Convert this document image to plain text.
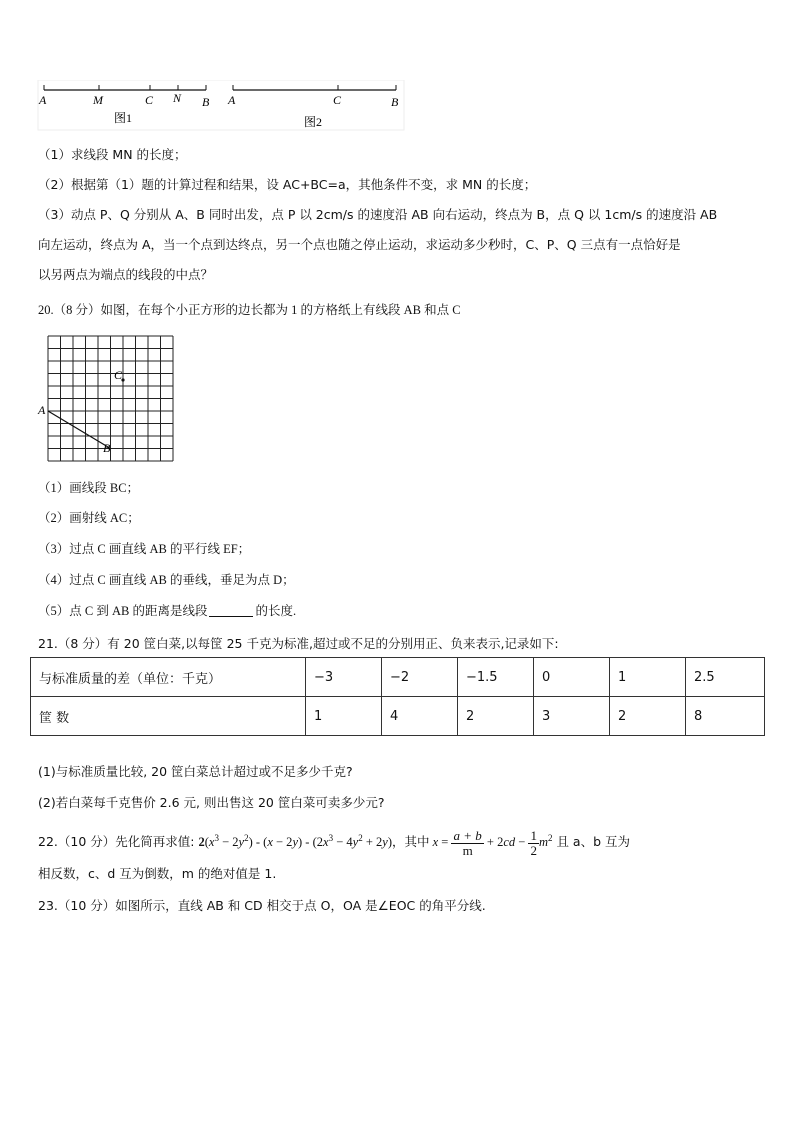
A	M	C N B
图1
A	C	B
图2
（1）求线段 MN 的长度；
（2）根据第（1）题的计算过程和结果，设 AC+BC=a，其他条件不变，求 MN 的长度；
（3）动点 P、Q 分别从 A、B 同时出发，点 P 以 2cm/s 的速度沿 AB 向右运动，终点为 B，点 Q 以 1cm/s 的速度沿 AB
向左运动，终点为 A，当一个点到达终点，另一个点也随之停止运动，求运动多少秒时，C、P、Q 三点有一点恰好是
以另两点为端点的线段的中点？
20.（8 分）如图，在每个小正方形的边长都为 1 的方格纸上有线段 AB 和点 C
C
A
B
（1）画线段 BC；
（2）画射线 AC；
（3）过点 C 画直线 AB 的平行线 EF；
（4）过点 C 画直线 AB 的垂线，垂足为点 D；
（5）点 C 到 AB 的距离是线段	的长度.
21.（8 分）有 20 筐白菜,以每筐 25 千克为标准,超过或不足的分别用正、负来表示,记录如下:
与标准质量的差（单位：千克）	−3	−2	−1.5	0	1	2.5
筐 数	1	4	2	3	2	8
(1)与标准质量比较, 20 筐白菜总计超过或不足多少千克?
(2)若白菜每千克售价 2.6 元, 则出售这 20 筐白菜可卖多少元?
22.（10 分）先化简再求值: $2(x^3 - 2y^2) - (x - 2y) - (2x^3 - 4y^2 + 2y)$，其中 $x = \frac{a + b}{m} + 2cd - \frac{1}{2} m^2$ 且 a、b 互为
相反数，c、d 互为倒数，m 的绝对值是 1.
23.（10 分）如图所示，直线 AB 和 CD 相交于点 O，OA 是∠EOC 的角平分线.
